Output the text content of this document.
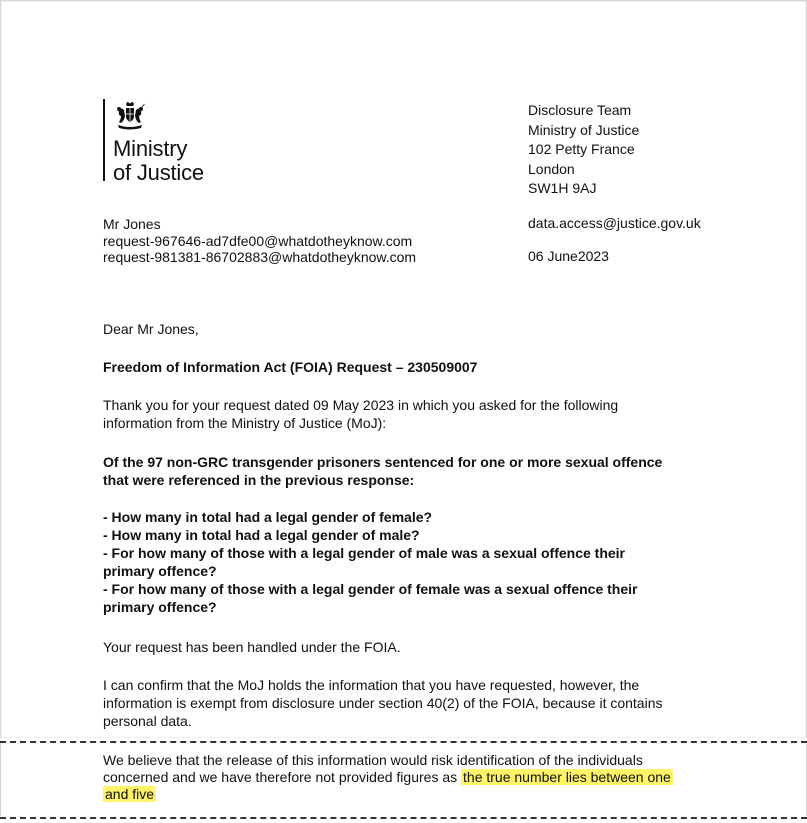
Ministry
of Justice
Disclosure Team
Ministry of Justice
102 Petty France
London
SW1H 9AJ
data.access@justice.gov.uk
06 June2023
Mr Jones
request-967646-ad7dfe00@whatdotheyknow.com
request-981381-86702883@whatdotheyknow.com
Dear Mr Jones,
Freedom of Information Act (FOIA) Request – 230509007
Thank you for your request dated 09 May 2023 in which you asked for the following
information from the Ministry of Justice (MoJ):
Of the 97 non-GRC transgender prisoners sentenced for one or more sexual offence
that were referenced in the previous response:
- How many in total had a legal gender of female?
- How many in total had a legal gender of male?
- For how many of those with a legal gender of male was a sexual offence their
primary offence?
- For how many of those with a legal gender of female was a sexual offence their
primary offence?
Your request has been handled under the FOIA.
I can confirm that the MoJ holds the information that you have requested, however, the
information is exempt from disclosure under section 40(2) of the FOIA, because it contains
personal data.
We believe that the release of this information would risk identification of the individuals
concerned and we have therefore not provided figures as the true number lies between one
and five
